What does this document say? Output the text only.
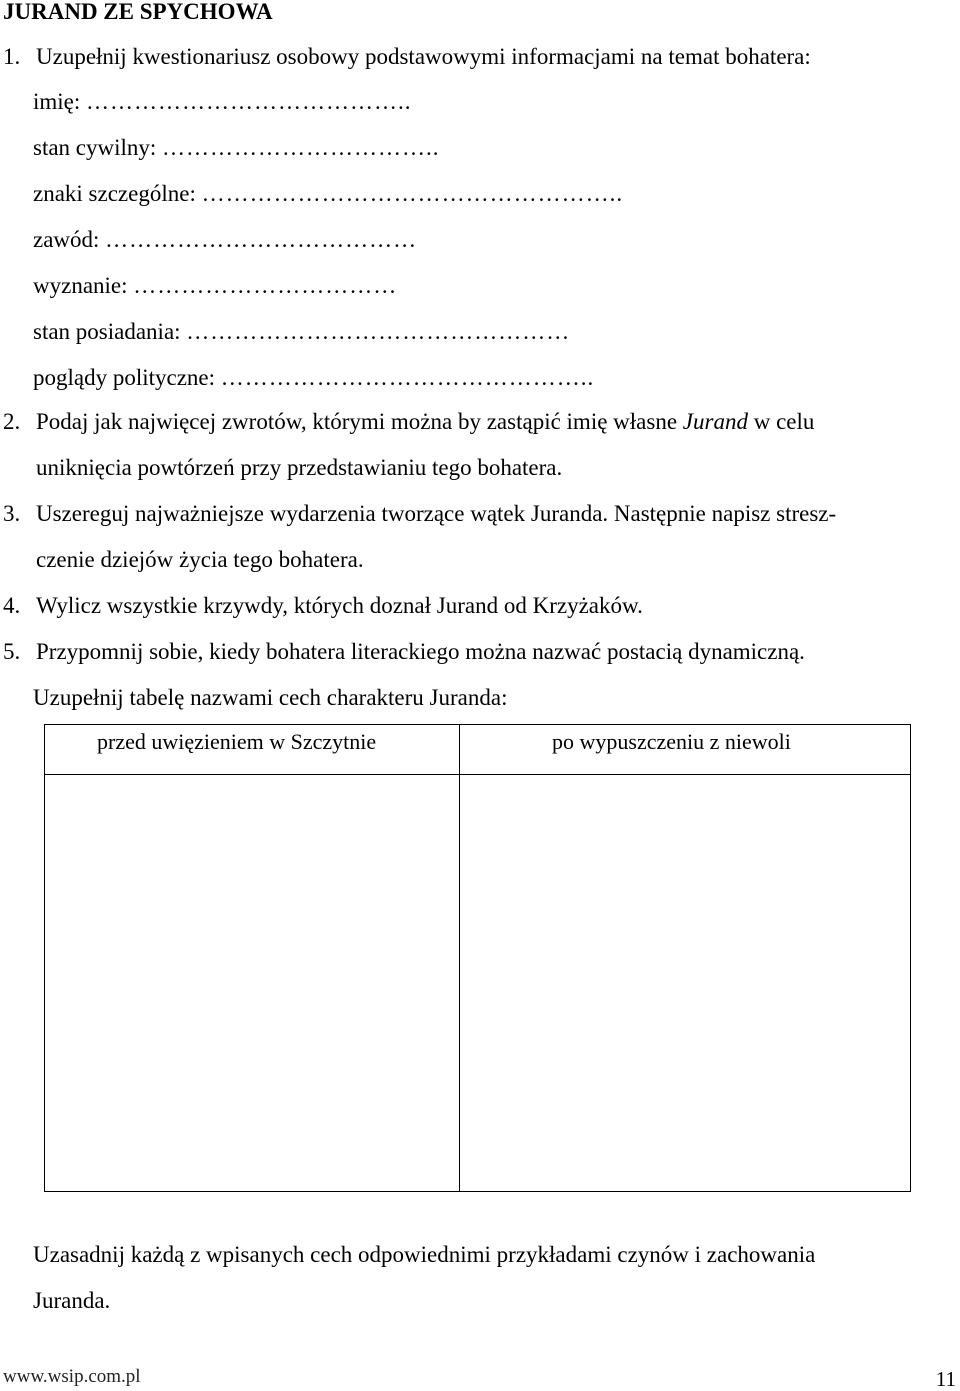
JURAND ZE SPYCHOWA
1. Uzupełnij kwestionariusz osobowy podstawowymi informacjami na temat bohatera:
imię: …………………………………..
stan cywilny: ……………………………..
znaki szczególne: ……………………………………………..
zawód: …………………………………
wyznanie: ……………………………
stan posiadania: …………………………………………
poglądy polityczne: ………………………………………..
2. Podaj jak najwięcej zwrotów, którymi można by zastąpić imię własne Jurand w celu
uniknięcia powtórzeń przy przedstawianiu tego bohatera.
3. Uszereguj najważniejsze wydarzenia tworzące wątek Juranda. Następnie napisz stresz-
czenie dziejów życia tego bohatera.
4. Wylicz wszystkie krzywdy, których doznał Jurand od Krzyżaków.
5. Przypomnij sobie, kiedy bohatera literackiego można nazwać postacią dynamiczną.
Uzupełnij tabelę nazwami cech charakteru Juranda:
przed uwięzieniem w Szczytnie	po wypuszczeniu z niewoli
Uzasadnij każdą z wpisanych cech odpowiednimi przykładami czynów i zachowania
Juranda.
www.wsip.com.pl	11
